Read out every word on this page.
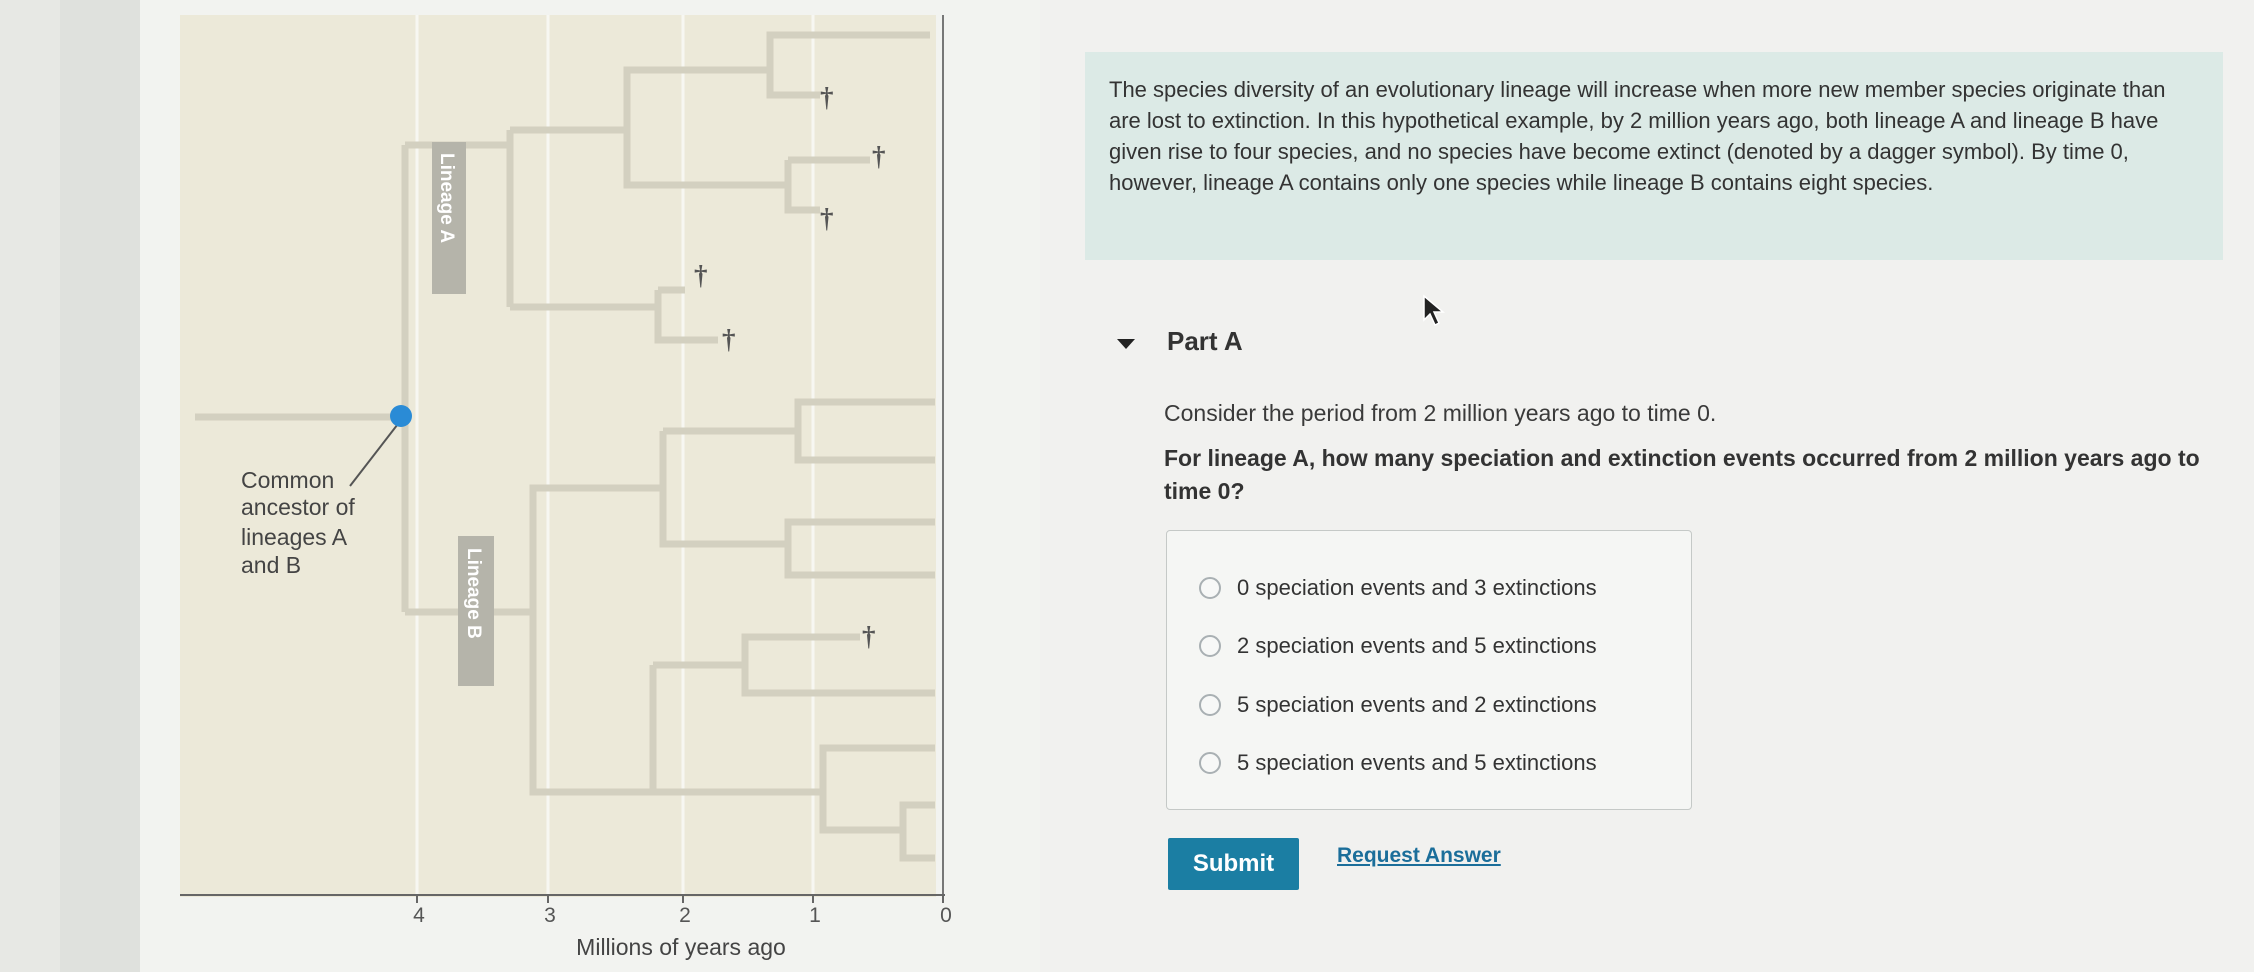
†
†
†
†
†
†
Common
ancestor of
lineages A
and B
Lineage A
Lineage B
4	3	2	1	0
Millions of years ago

The species diversity of an evolutionary lineage will increase when more new member species originate than are lost to extinction. In this hypothetical example, by 2 million years ago, both lineage A and lineage B have given rise to four species, and no species have become extinct (denoted by a dagger symbol). By time 0, however, lineage A contains only one species while lineage B contains eight species.

Part A
Consider the period from 2 million years ago to time 0.
For lineage A, how many speciation and extinction events occurred from 2 million years ago to time 0?
0 speciation events and 3 extinctions
2 speciation events and 5 extinctions
5 speciation events and 2 extinctions
5 speciation events and 5 extinctions
Submit	Request Answer
